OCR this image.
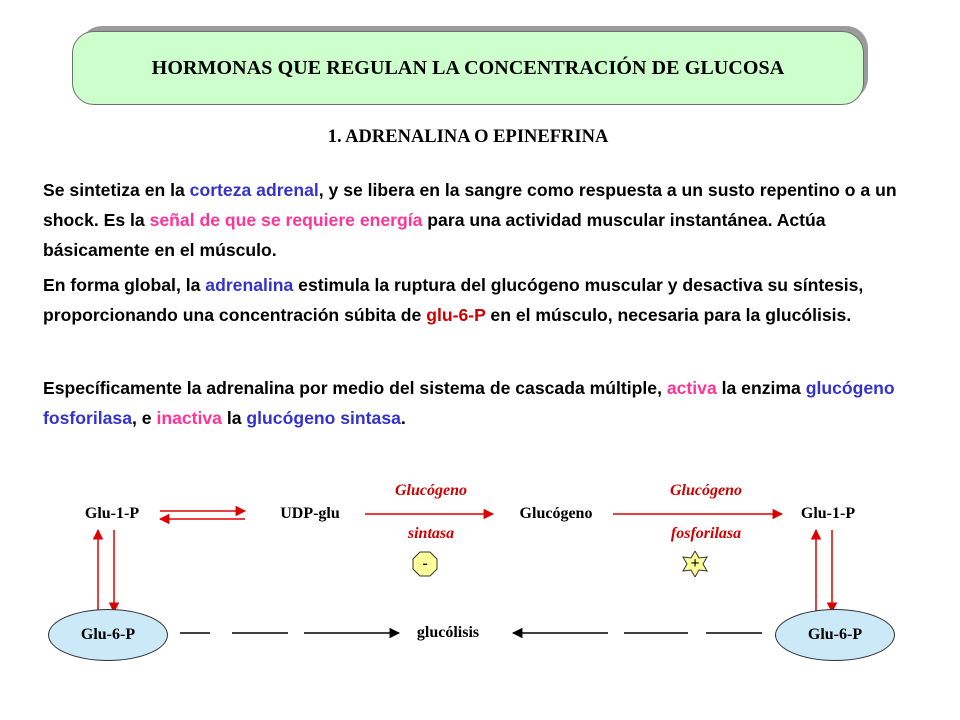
HORMONAS QUE REGULAN LA CONCENTRACIÓN DE GLUCOSA
1. ADRENALINA O EPINEFRINA

Se sintetiza en la corteza adrenal, y se libera en la sangre como respuesta a un susto repentino o a un shock. Es la señal de que se requiere energía para una actividad muscular instantánea. Actúa básicamente en el músculo.

En forma global, la adrenalina estimula la ruptura del glucógeno muscular y desactiva su síntesis, proporcionando una concentración súbita de glu-6-P en el músculo, necesaria para la glucólisis.

Específicamente la adrenalina por medio del sistema de cascada múltiple, activa la enzima glucógeno fosforilasa, e inactiva la glucógeno sintasa.

Glu-1-P	UDP-glu	Glucógeno	Glu-1-P
Glucógeno
sintasa
Glucógeno
fosforilasa
-	+
Glu-6-P	glucólisis	Glu-6-P
